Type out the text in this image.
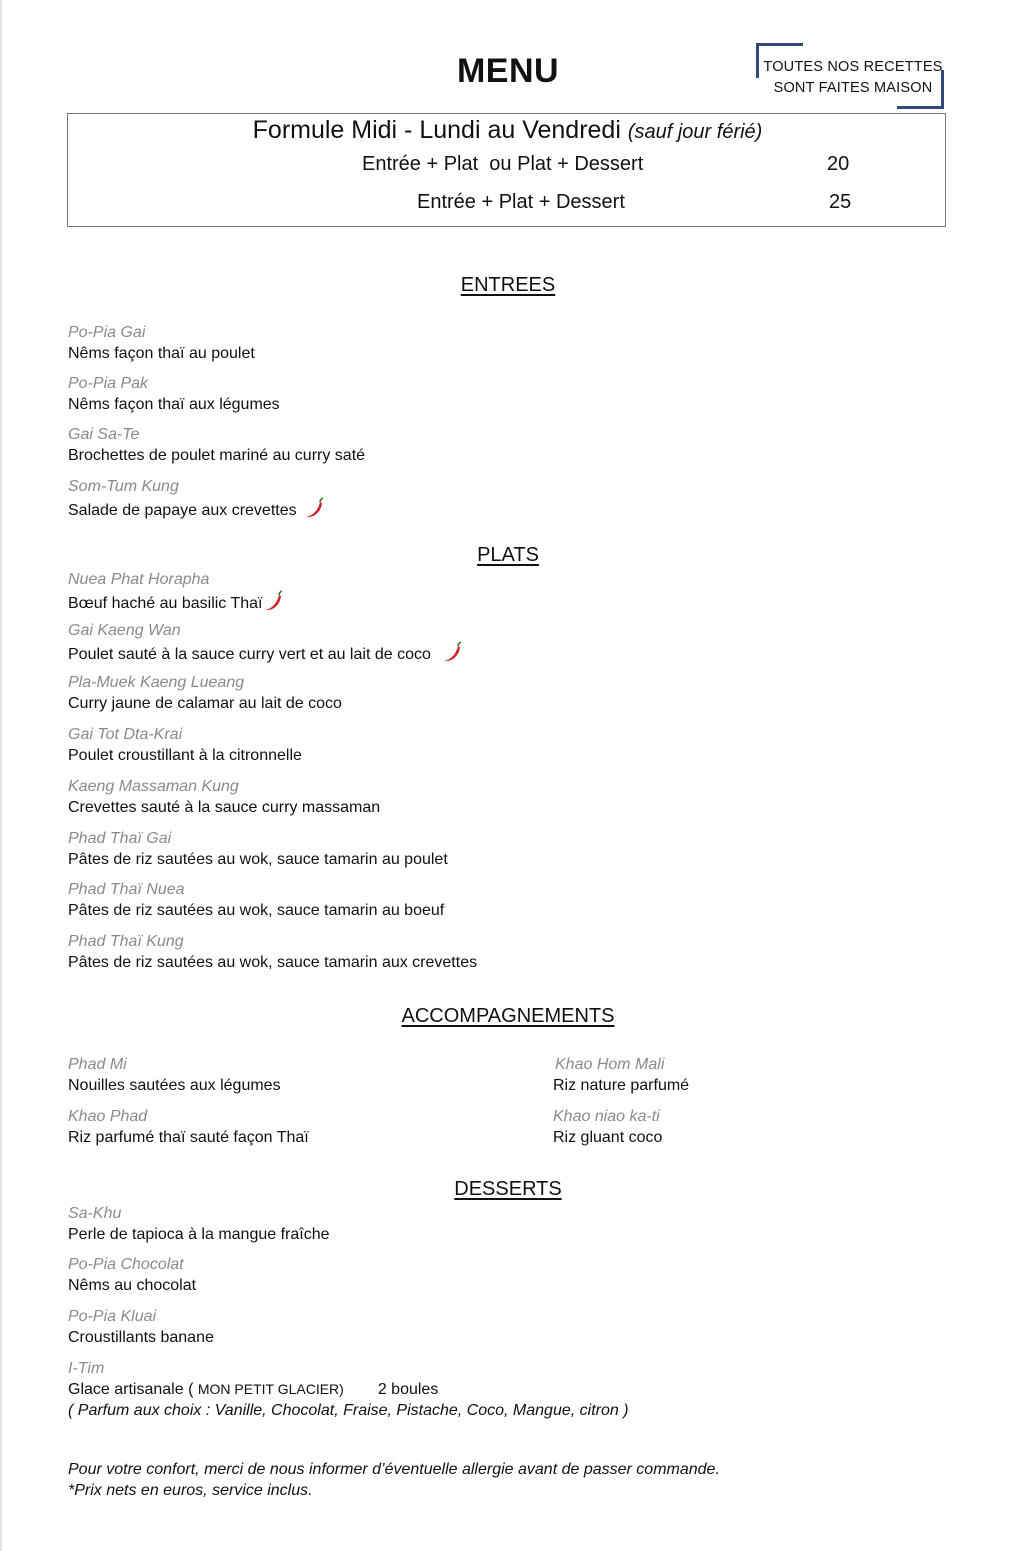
MENU	TOUTES NOS RECETTES
SONT FAITES MAISON
Formule Midi - Lundi au Vendredi (sauf jour férié)
Entrée + Plat  ou Plat + Dessert	20
Entrée + Plat + Dessert	25
ENTREES
Po-Pia Gai
Nêms façon thaï au poulet
Po-Pia Pak
Nêms façon thaï aux légumes
Gai Sa-Te
Brochettes de poulet mariné au curry saté
Som-Tum Kung
Salade de papaye aux crevettes
PLATS
Nuea Phat Horapha
Bœuf haché au basilic Thaï
Gai Kaeng Wan
Poulet sauté à la sauce curry vert et au lait de coco
Pla-Muek Kaeng Lueang
Curry jaune de calamar au lait de coco
Gai Tot Dta-Krai
Poulet croustillant à la citronnelle
Kaeng Massaman Kung
Crevettes sauté à la sauce curry massaman
Phad Thaï Gai
Pâtes de riz sautées au wok, sauce tamarin au poulet
Phad Thaï Nuea
Pâtes de riz sautées au wok, sauce tamarin au boeuf
Phad Thaï Kung
Pâtes de riz sautées au wok, sauce tamarin aux crevettes
ACCOMPAGNEMENTS
Phad Mi
Nouilles sautées aux légumes
Khao Hom Mali
Riz nature parfumé
Khao Phad
Riz parfumé thaï sauté façon Thaï
Khao niao ka-ti
Riz gluant coco
DESSERTS
Sa-Khu
Perle de tapioca à la mangue fraîche
Po-Pia Chocolat
Nêms au chocolat
Po-Pia Kluai
Croustillants banane
I-Tim
Glace artisanale ( MON PETIT GLACIER) 2 boules
( Parfum aux choix : Vanille, Chocolat, Fraise, Pistache, Coco, Mangue, citron )
Pour votre confort, merci de nous informer d’éventuelle allergie avant de passer commande.
*Prix nets en euros, service inclus.
